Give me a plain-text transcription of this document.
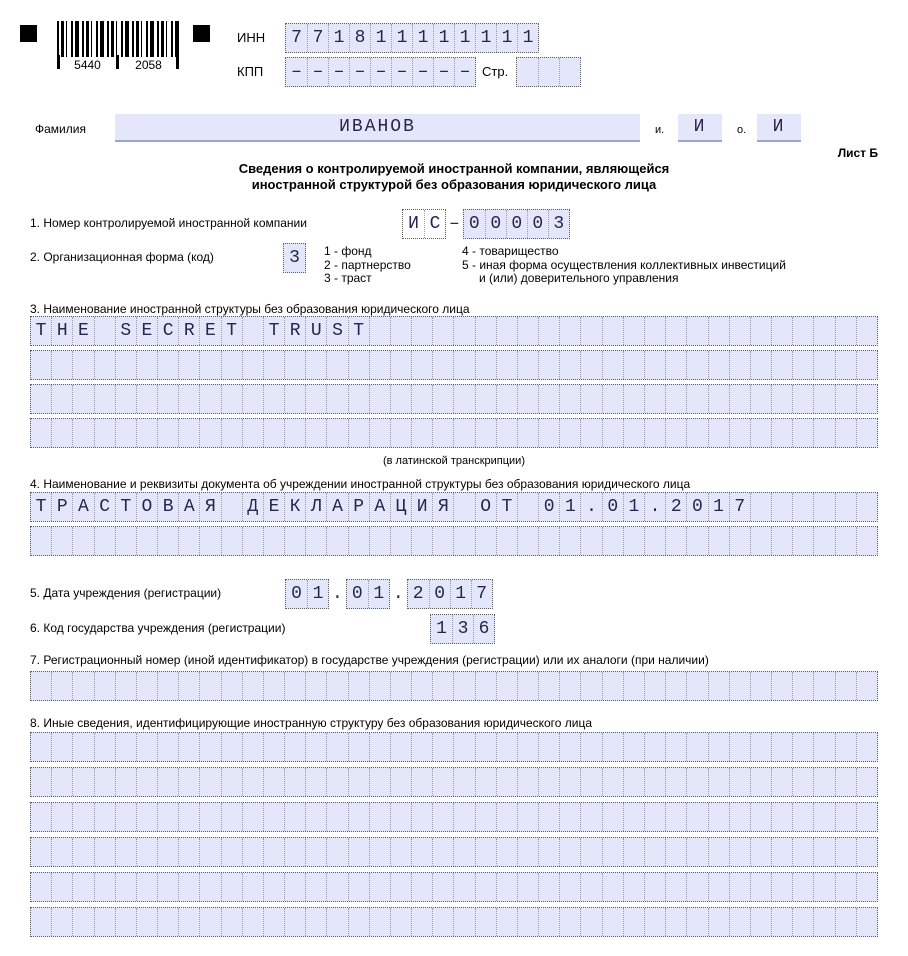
5440	2058
ИНН 7 7 1 8 1 1 1 1 1 1 1 1
КПП – – – – – – – – – Стр.
Фамилия	ИВАНОВ	и.	И	о.	И
Лист Б
Сведения о контролируемой иностранной компании, являющейся
иностранной структурой без образования юридического лица
1. Номер контролируемой иностранной компании	И С – 0 0 0 0 3
2. Организационная форма (код)	3	1 - фонд
2 - партнерство
3 - траст
4 - товарищество
5 - иная форма осуществления коллективных инвестиций
и (или) доверительного управления
3. Наименование иностранной структуры без образования юридического лица
T H E	S E C R E T	T R U S T
(в латинской транскрипции)
4. Наименование и реквизиты документа об учреждении иностранной структуры без образования юридического лица
Т Р А С Т О В А Я	Д Е К Л А Р А Ц И Я	О Т	0 1 . 0 1 . 2 0 1 7
5. Дата учреждения (регистрации)	0 1 . 0 1 . 2 0 1 7
6. Код государства учреждения (регистрации)	1 3 6
7. Регистрационный номер (иной идентификатор) в государстве учреждения (регистрации) или их аналоги (при наличии)
8. Иные сведения, идентифицирующие иностранную структуру без образования юридического лица
